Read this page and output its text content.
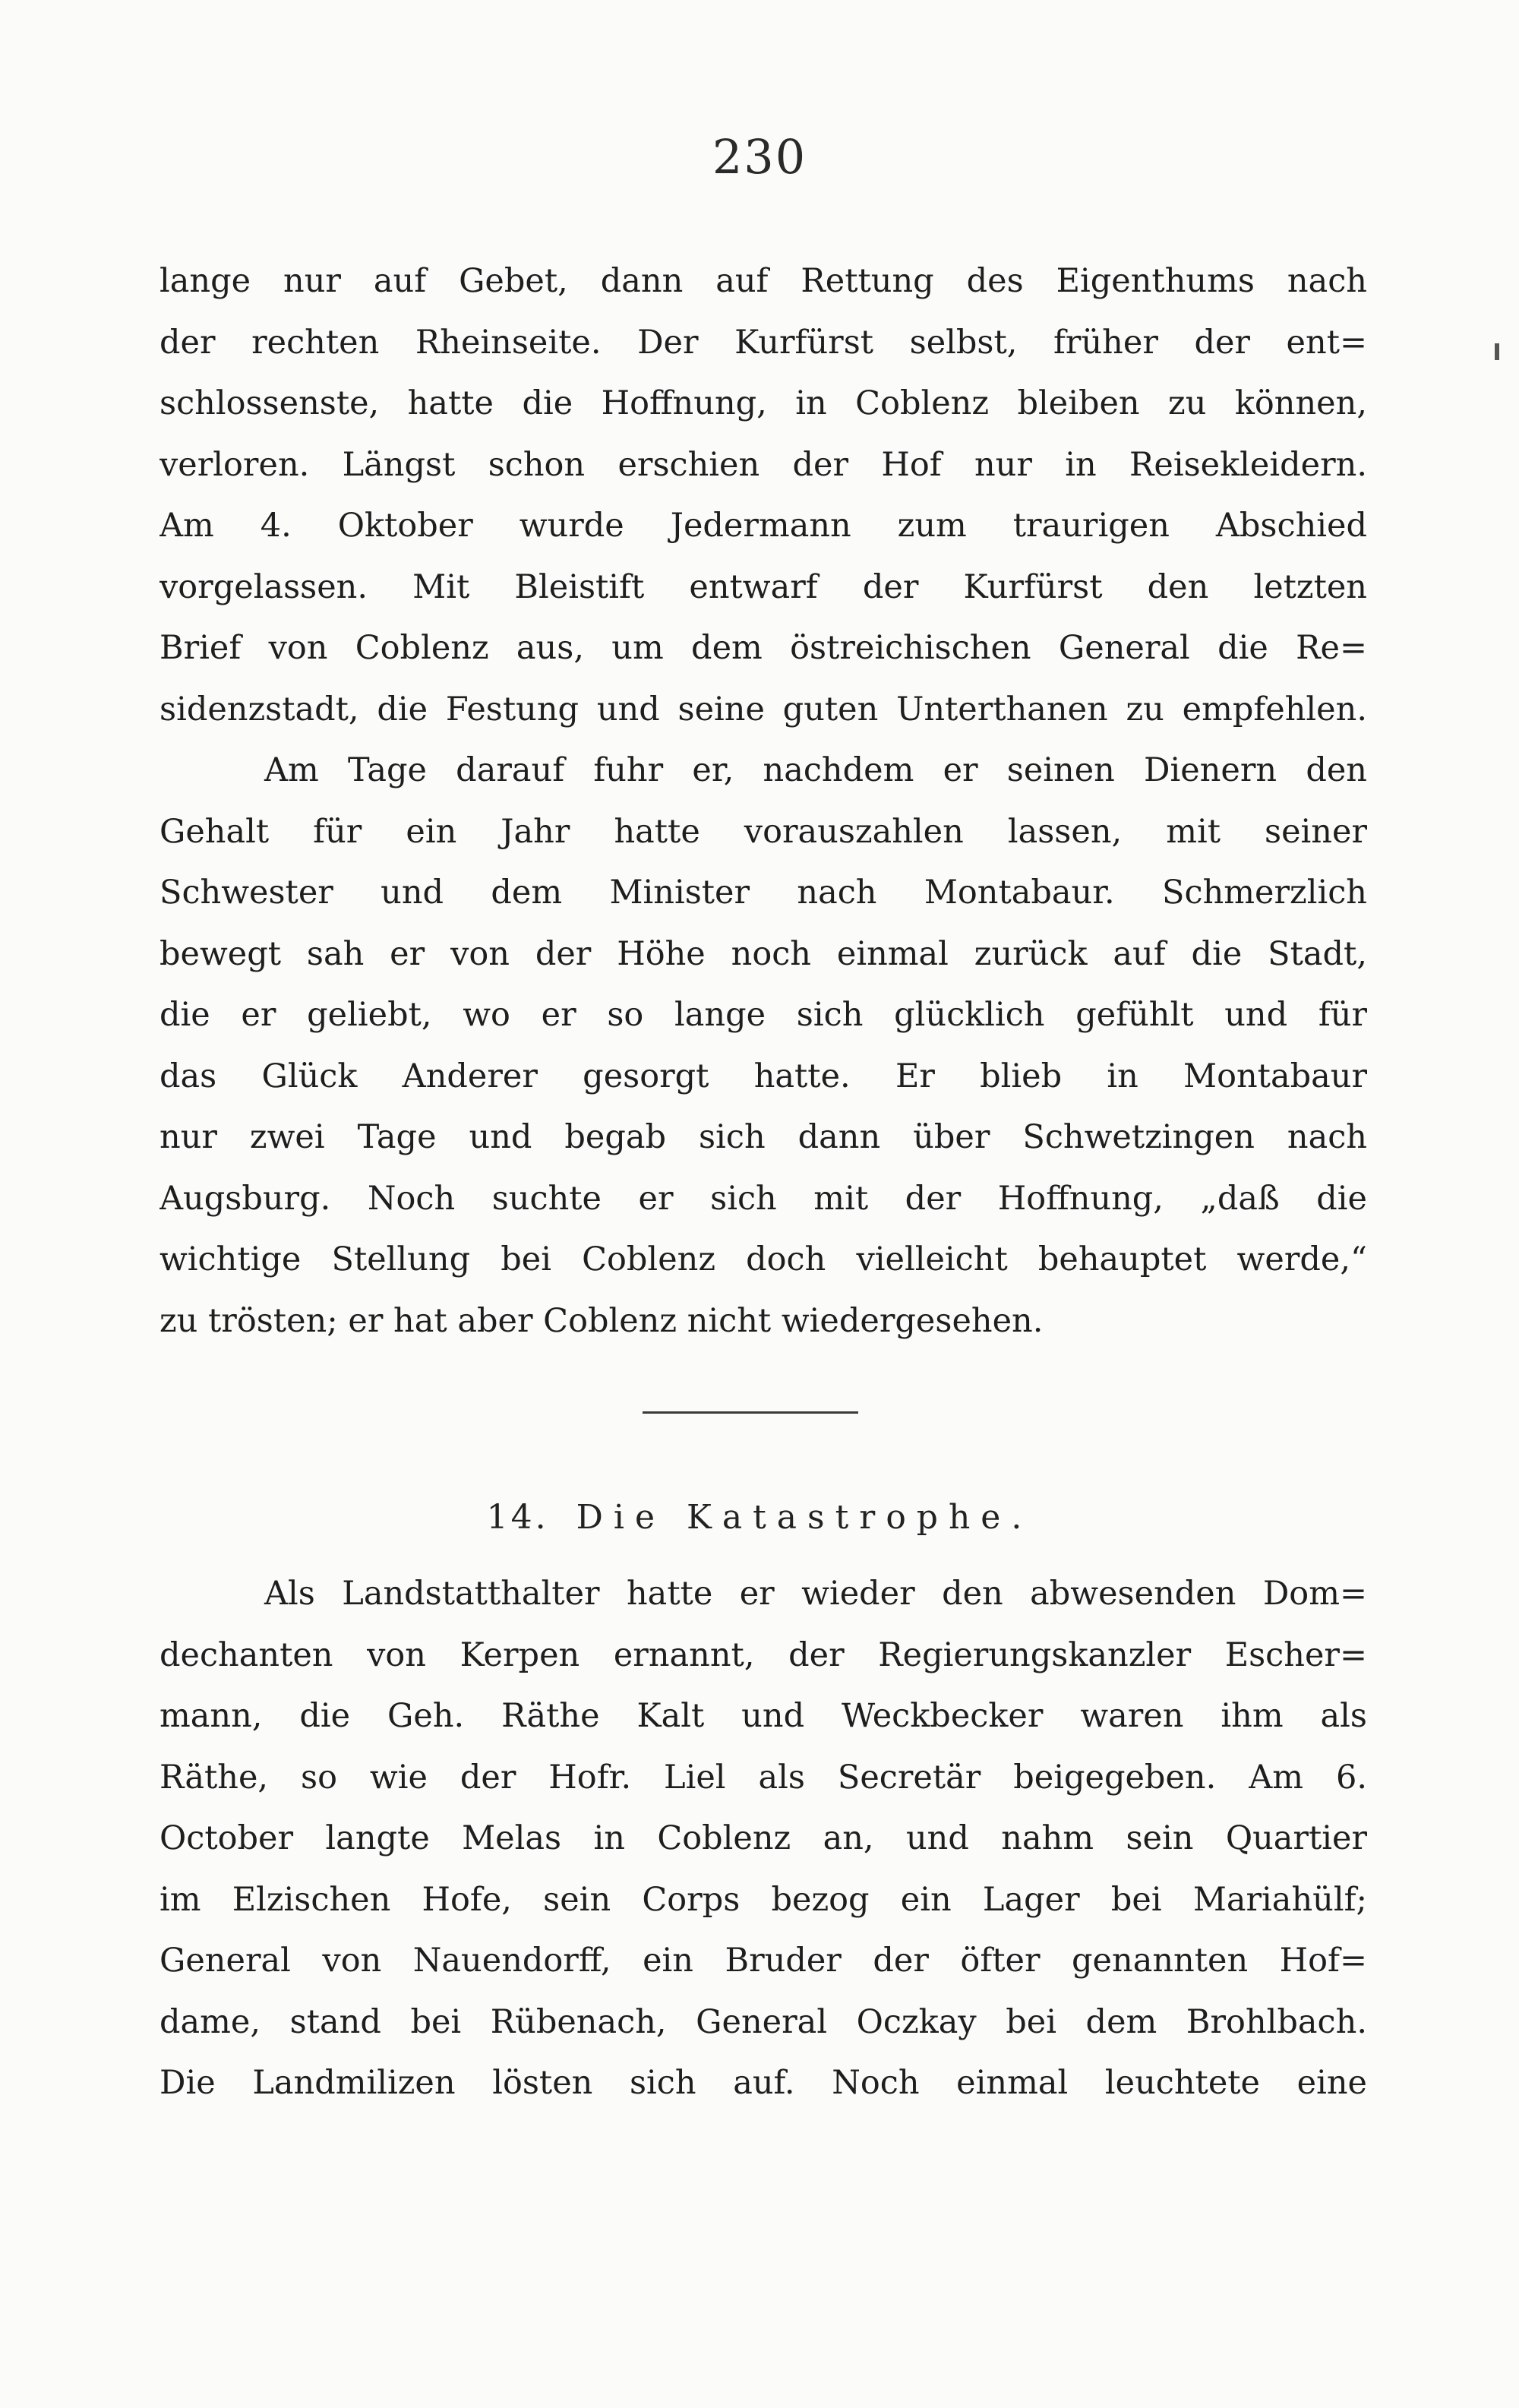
230
lange nur auf Gebet, dann auf Rettung des Eigenthums nach
der rechten Rheinseite. Der Kurfürst selbst, früher der ent=
schlossenste, hatte die Hoffnung, in Coblenz bleiben zu können,
verloren. Längst schon erschien der Hof nur in Reisekleidern.
Am 4. Oktober wurde Jedermann zum traurigen Abschied
vorgelassen. Mit Bleistift entwarf der Kurfürst den letzten
Brief von Coblenz aus, um dem östreichischen General die Re=
sidenzstadt, die Festung und seine guten Unterthanen zu empfehlen.
Am Tage darauf fuhr er, nachdem er seinen Dienern den
Gehalt für ein Jahr hatte vorauszahlen lassen, mit seiner
Schwester und dem Minister nach Montabaur. Schmerzlich
bewegt sah er von der Höhe noch einmal zurück auf die Stadt,
die er geliebt, wo er so lange sich glücklich gefühlt und für
das Glück Anderer gesorgt hatte. Er blieb in Montabaur
nur zwei Tage und begab sich dann über Schwetzingen nach
Augsburg. Noch suchte er sich mit der Hoffnung, „daß die
wichtige Stellung bei Coblenz doch vielleicht behauptet werde,“
zu trösten; er hat aber Coblenz nicht wiedergesehen.
14. Die Katastrophe.
Als Landstatthalter hatte er wieder den abwesenden Dom=
dechanten von Kerpen ernannt, der Regierungskanzler Escher=
mann, die Geh. Räthe Kalt und Weckbecker waren ihm als
Räthe, so wie der Hofr. Liel als Secretär beigegeben. Am 6.
October langte Melas in Coblenz an, und nahm sein Quartier
im Elzischen Hofe, sein Corps bezog ein Lager bei Mariahülf;
General von Nauendorff, ein Bruder der öfter genannten Hof=
dame, stand bei Rübenach, General Oczkay bei dem Brohlbach.
Die Landmilizen lösten sich auf. Noch einmal leuchtete eine
